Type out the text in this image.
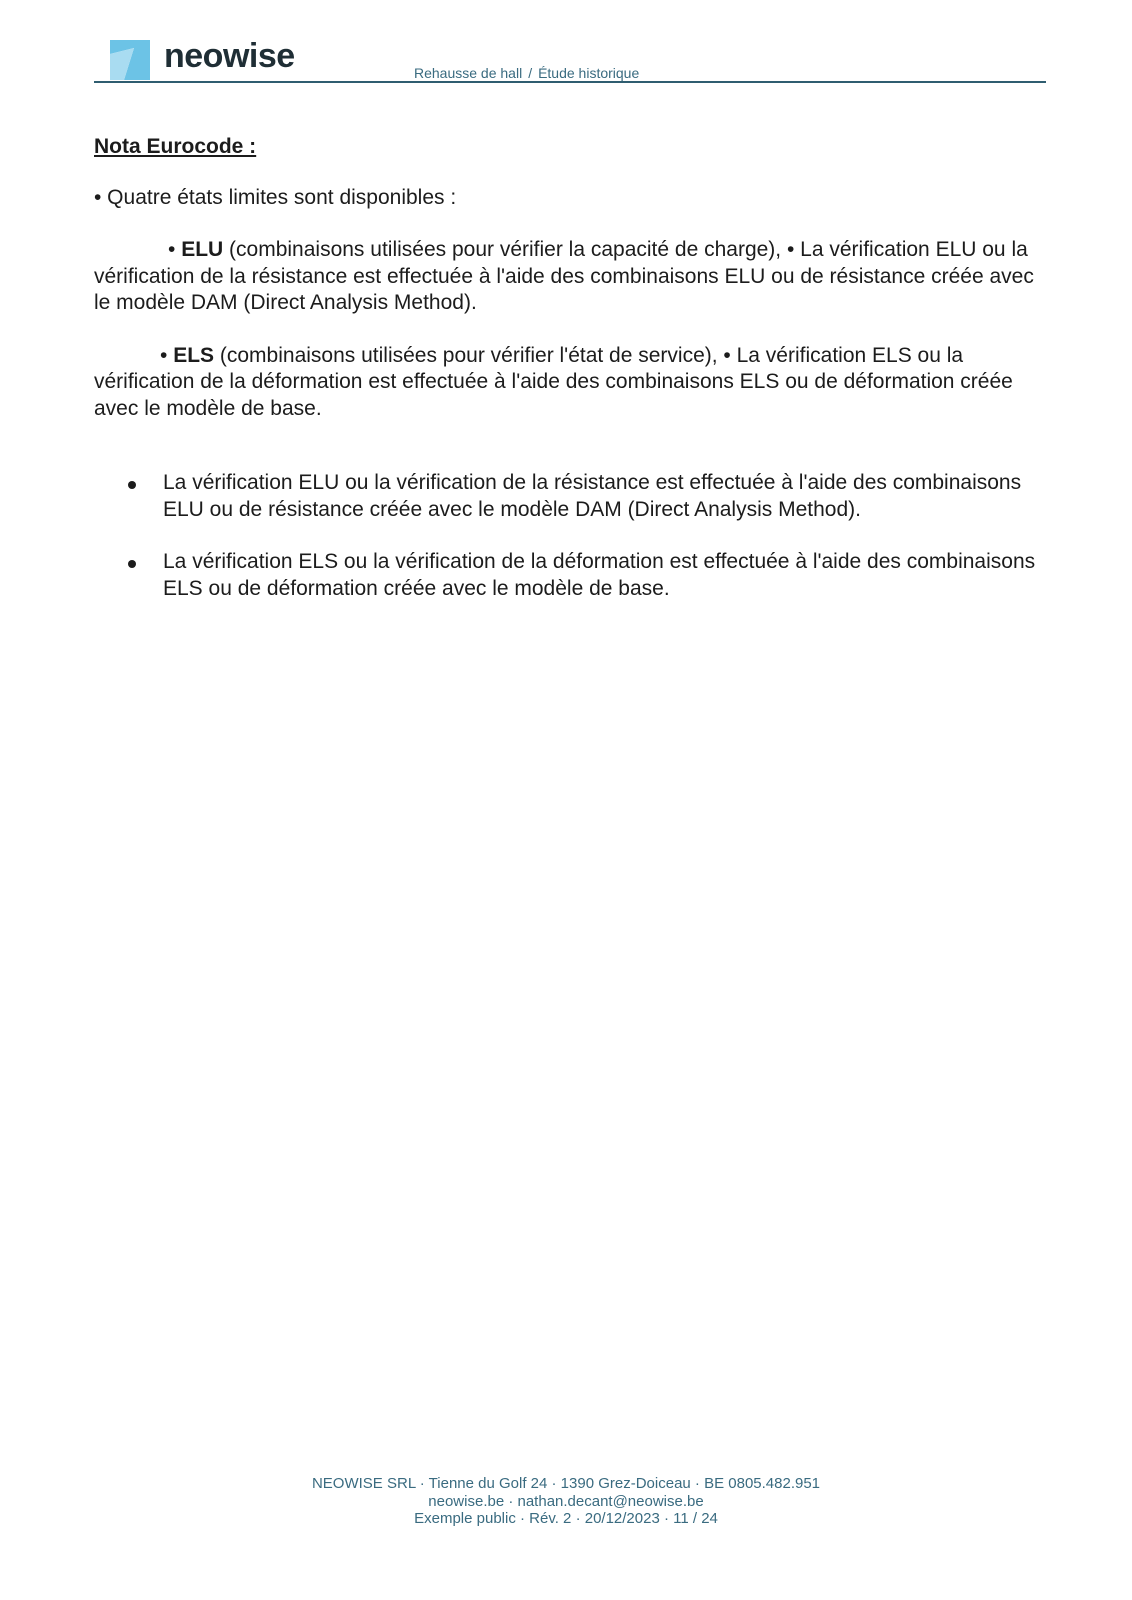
neowise	Rehausse de hall / Étude historique

Nota Eurocode :

• Quatre états limites sont disponibles :

• ELU (combinaisons utilisées pour vérifier la capacité de charge), • La vérification ELU ou la vérification de la résistance est effectuée à l'aide des combinaisons ELU ou de résistance créée avec le modèle DAM (Direct Analysis Method).

• ELS (combinaisons utilisées pour vérifier l'état de service), • La vérification ELS ou la vérification de la déformation est effectuée à l'aide des combinaisons ELS ou de déformation créée avec le modèle de base.

La vérification ELU ou la vérification de la résistance est effectuée à l'aide des combinaisons ELU ou de résistance créée avec le modèle DAM (Direct Analysis Method).
La vérification ELS ou la vérification de la déformation est effectuée à l'aide des combinaisons ELS ou de déformation créée avec le modèle de base.
NEOWISE SRL · Tienne du Golf 24 · 1390 Grez-Doiceau · BE 0805.482.951
neowise.be · nathan.decant@neowise.be
Exemple public · Rév. 2 · 20/12/2023 · 11 / 24
